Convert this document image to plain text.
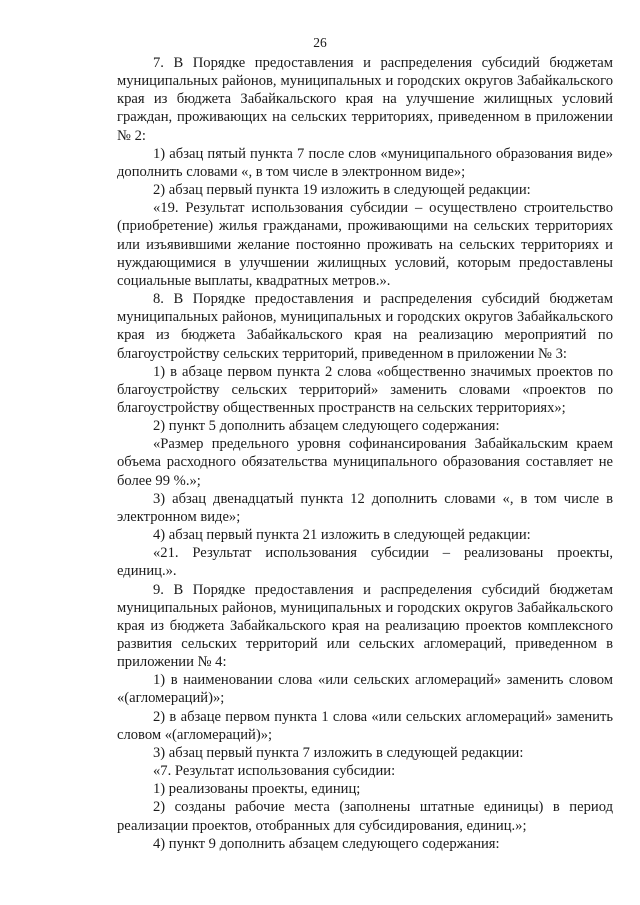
26

7. В Порядке предоставления и распределения субсидий бюджетам муниципальных районов, муниципальных и городских округов Забайкальского края из бюджета Забайкальского края на улучшение жилищных условий граждан, проживающих на сельских территориях, приведенном в приложении № 2:

1) абзац пятый пункта 7 после слов «муниципального образования виде» дополнить словами «, в том числе в электронном виде»;

2) абзац первый пункта 19 изложить в следующей редакции:

«19. Результат использования субсидии – осуществлено строительство (приобретение) жилья гражданами, проживающими на сельских территориях или изъявившими желание постоянно проживать на сельских территориях и нуждающимися в улучшении жилищных условий, которым предоставлены социальные выплаты, квадратных метров.».

8. В Порядке предоставления и распределения субсидий бюджетам муниципальных районов, муниципальных и городских округов Забайкальского края из бюджета Забайкальского края на реализацию мероприятий по благоустройству сельских территорий, приведенном в приложении № 3:

1) в абзаце первом пункта 2 слова «общественно значимых проектов по благоустройству сельских территорий» заменить словами «проектов по благоустройству общественных пространств на сельских территориях»;

2) пункт 5 дополнить абзацем следующего содержания:

«Размер предельного уровня софинансирования Забайкальским краем объема расходного обязательства муниципального образования составляет не более 99 %.»;

3) абзац двенадцатый пункта 12 дополнить словами «, в том числе в электронном виде»;

4) абзац первый пункта 21 изложить в следующей редакции:

«21. Результат использования субсидии – реализованы проекты, единиц.».

9. В Порядке предоставления и распределения субсидий бюджетам муниципальных районов, муниципальных и городских округов Забайкальского края из бюджета Забайкальского края на реализацию проектов комплексного развития сельских территорий или сельских агломераций, приведенном в приложении № 4:

1) в наименовании слова «или сельских агломераций» заменить словом «(агломераций)»;

2) в абзаце первом пункта 1 слова «или сельских агломераций» заменить словом «(агломераций)»;

3) абзац первый пункта 7 изложить в следующей редакции:

«7. Результат использования субсидии:

1) реализованы проекты, единиц;

2) созданы рабочие места (заполнены штатные единицы) в период реализации проектов, отобранных для субсидирования, единиц.»;

4) пункт 9 дополнить абзацем следующего содержания:
